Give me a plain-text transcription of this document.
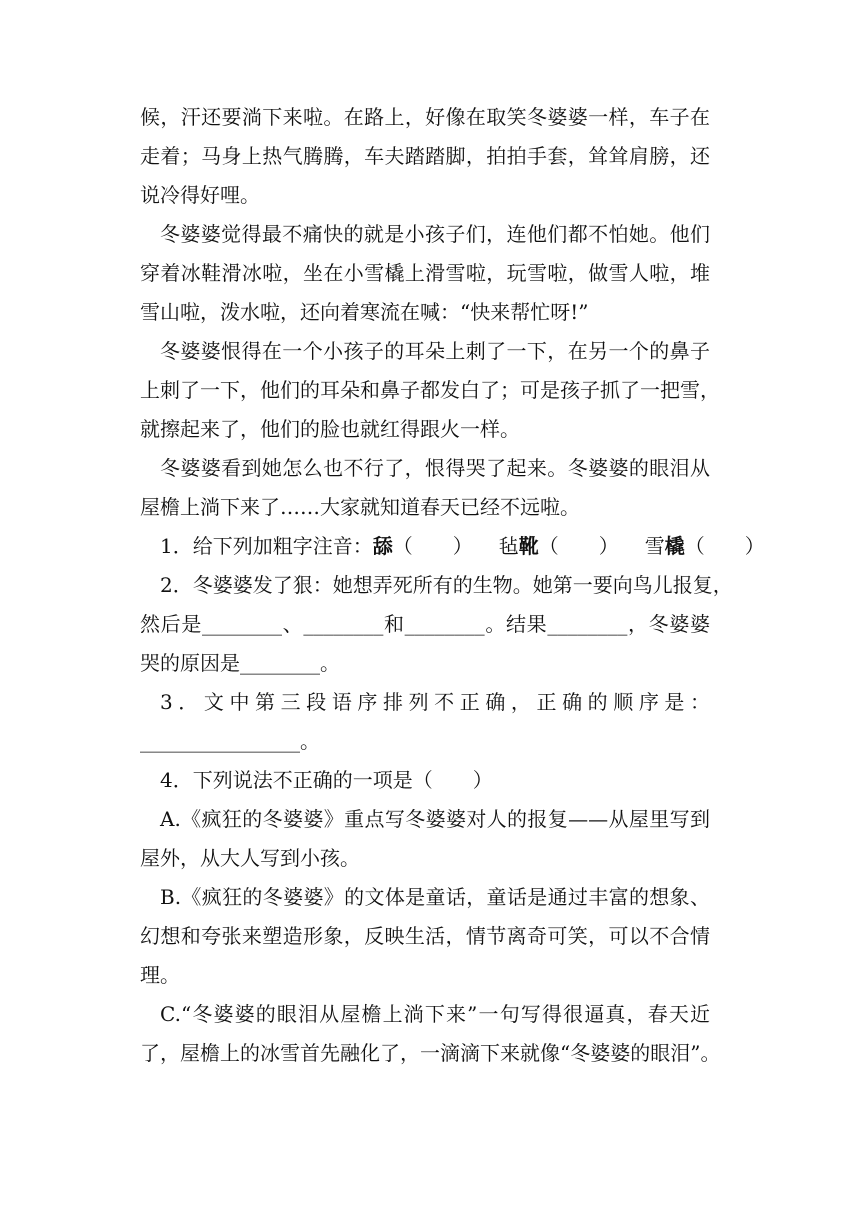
候，汗还要淌下来啦。在路上，好像在取笑冬婆婆一样，车子在
走着；马身上热气腾腾，车夫踏踏脚，拍拍手套，耸耸肩膀，还
说冷得好哩。
冬婆婆觉得最不痛快的就是小孩子们，连他们都不怕她。他们
穿着冰鞋滑冰啦，坐在小雪橇上滑雪啦，玩雪啦，做雪人啦，堆
雪山啦，泼水啦，还向着寒流在喊：“快来帮忙呀!”
冬婆婆恨得在一个小孩子的耳朵上刺了一下，在另一个的鼻子
上刺了一下，他们的耳朵和鼻子都发白了；可是孩子抓了一把雪，
就擦起来了，他们的脸也就红得跟火一样。
冬婆婆看到她怎么也不行了，恨得哭了起来。冬婆婆的眼泪从
屋檐上淌下来了……大家就知道春天已经不远啦。
1．给下列加粗字注音：舔（　　） 毡靴（　　） 雪橇（　　）
2．冬婆婆发了狠：她想弄死所有的生物。她第一要向鸟儿报复，
然后是________、________和________。结果________，冬婆婆
哭的原因是________。
3．文中第三段语序排列不正确，正确的顺序是：
________________。
4．下列说法不正确的一项是（　　）
A.《疯狂的冬婆婆》重点写冬婆婆对人的报复——从屋里写到
屋外，从大人写到小孩。
B.《疯狂的冬婆婆》的文体是童话，童话是通过丰富的想象、
幻想和夸张来塑造形象，反映生活，情节离奇可笑，可以不合情
理。
C.“冬婆婆的眼泪从屋檐上淌下来”一句写得很逼真，春天近
了，屋檐上的冰雪首先融化了，一滴滴下来就像“冬婆婆的眼泪”。
